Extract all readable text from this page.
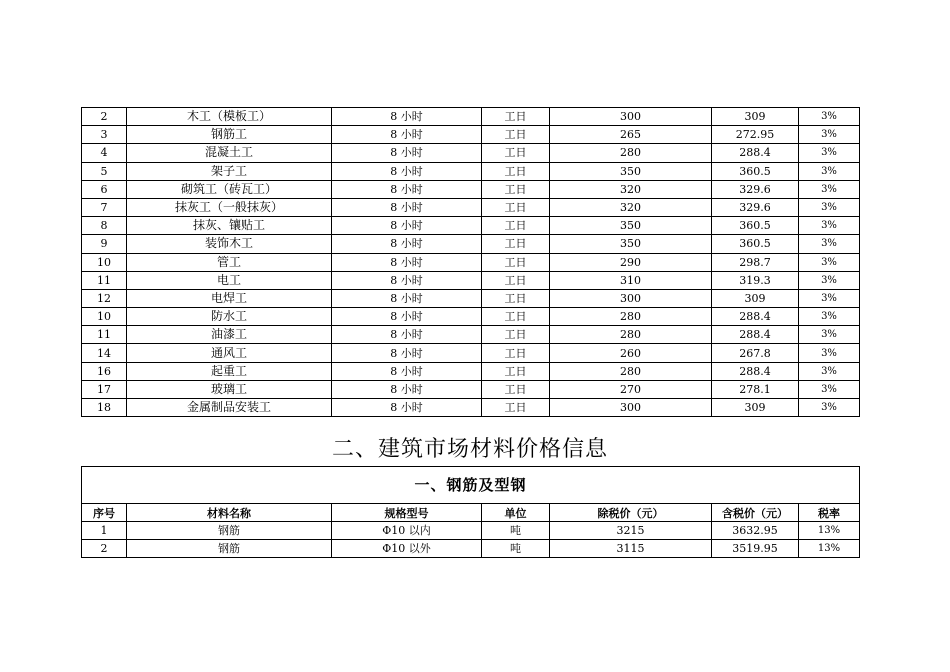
2	木工（模板工）	8 小时	工日	300	309	3%
3	钢筋工	8 小时	工日	265	272.95	3%
4	混凝土工	8 小时	工日	280	288.4	3%
5	架子工	8 小时	工日	350	360.5	3%
6	砌筑工（砖瓦工）	8 小时	工日	320	329.6	3%
7	抹灰工（一般抹灰）	8 小时	工日	320	329.6	3%
8	抹灰、镶贴工	8 小时	工日	350	360.5	3%
9	装饰木工	8 小时	工日	350	360.5	3%
10	管工	8 小时	工日	290	298.7	3%
11	电工	8 小时	工日	310	319.3	3%
12	电焊工	8 小时	工日	300	309	3%
10	防水工	8 小时	工日	280	288.4	3%
11	油漆工	8 小时	工日	280	288.4	3%
14	通风工	8 小时	工日	260	267.8	3%
16	起重工	8 小时	工日	280	288.4	3%
17	玻璃工	8 小时	工日	270	278.1	3%
18	金属制品安装工	8 小时	工日	300	309	3%
二、建筑市场材料价格信息
一、钢筋及型钢						
序号	材料名称	规格型号	单位	除税价（元）	含税价（元）	税率
1	钢筋	Φ10 以内	吨	3215	3632.95	13%
2	钢筋	Φ10 以外	吨	3115	3519.95	13%
